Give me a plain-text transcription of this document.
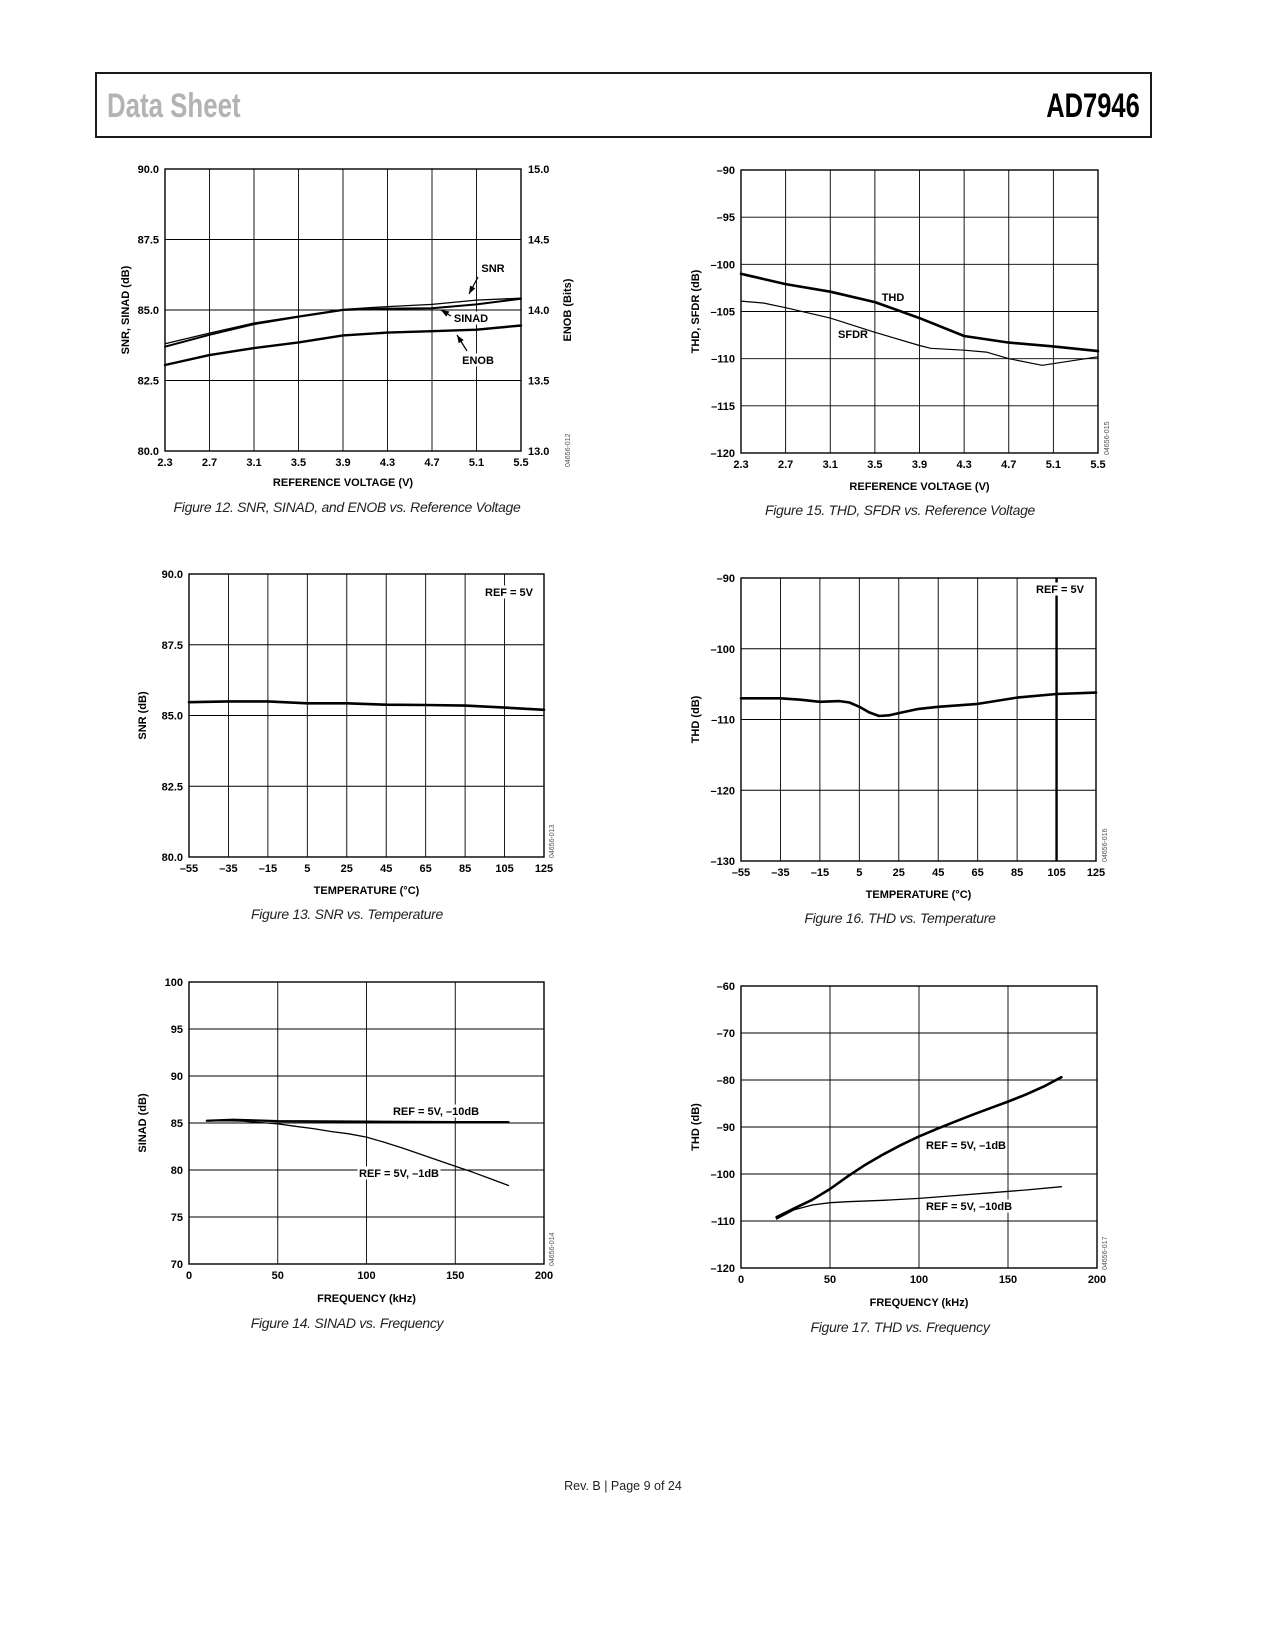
2.3	2.7	3.1	3.5	3.9	4.3	4.7	5.1	5.5
90.0
87.5
85.0
82.5
80.0
15.0
14.5
14.0
13.5
13.0
SNR
SINAD
ENOB
SNR, SINAD (dB)	ENOB (Bits)
REFERENCE VOLTAGE (V)
04656-012
–55 –35 –15 5	25 45 65 85 105 125
90.0
87.5
85.0
82.5
80.0
REF = 5V
SNR (dB)
TEMPERATURE (°C)
04656-013
0	50	100	150	200
100
95
90
85
80
75
70
REF = 5V, –10dB
REF = 5V, –1dB
SINAD (dB)
FREQUENCY (kHz)
04656-014
2.3	2.7	3.1	3.5	3.9	4.3	4.7	5.1	5.5
–90
–95
–100
–105
–110
–115
–120
THD
SFDR
THD, SFDR (dB)
REFERENCE VOLTAGE (V)
04656-015
–55 –35 –15 5	25 45 65 85 105 125
–90
–100
–110
–120
–130
REF = 5V
THD (dB)
TEMPERATURE (°C)
04656-016
0	50	100	150	200
–60
–70
–80
–90
–100
–110
–120
REF = 5V, –1dB
REF = 5V, –10dB
THD (dB)
FREQUENCY (kHz)
04656-017
Data Sheet	AD7946
Figure 12. SNR, SINAD, and ENOB vs. Reference Voltage	Figure 15. THD, SFDR vs. Reference Voltage
Figure 13. SNR vs. Temperature	Figure 16. THD vs. Temperature
Figure 14. SINAD vs. Frequency	Figure 17. THD vs. Frequency
Rev. B | Page 9 of 24
